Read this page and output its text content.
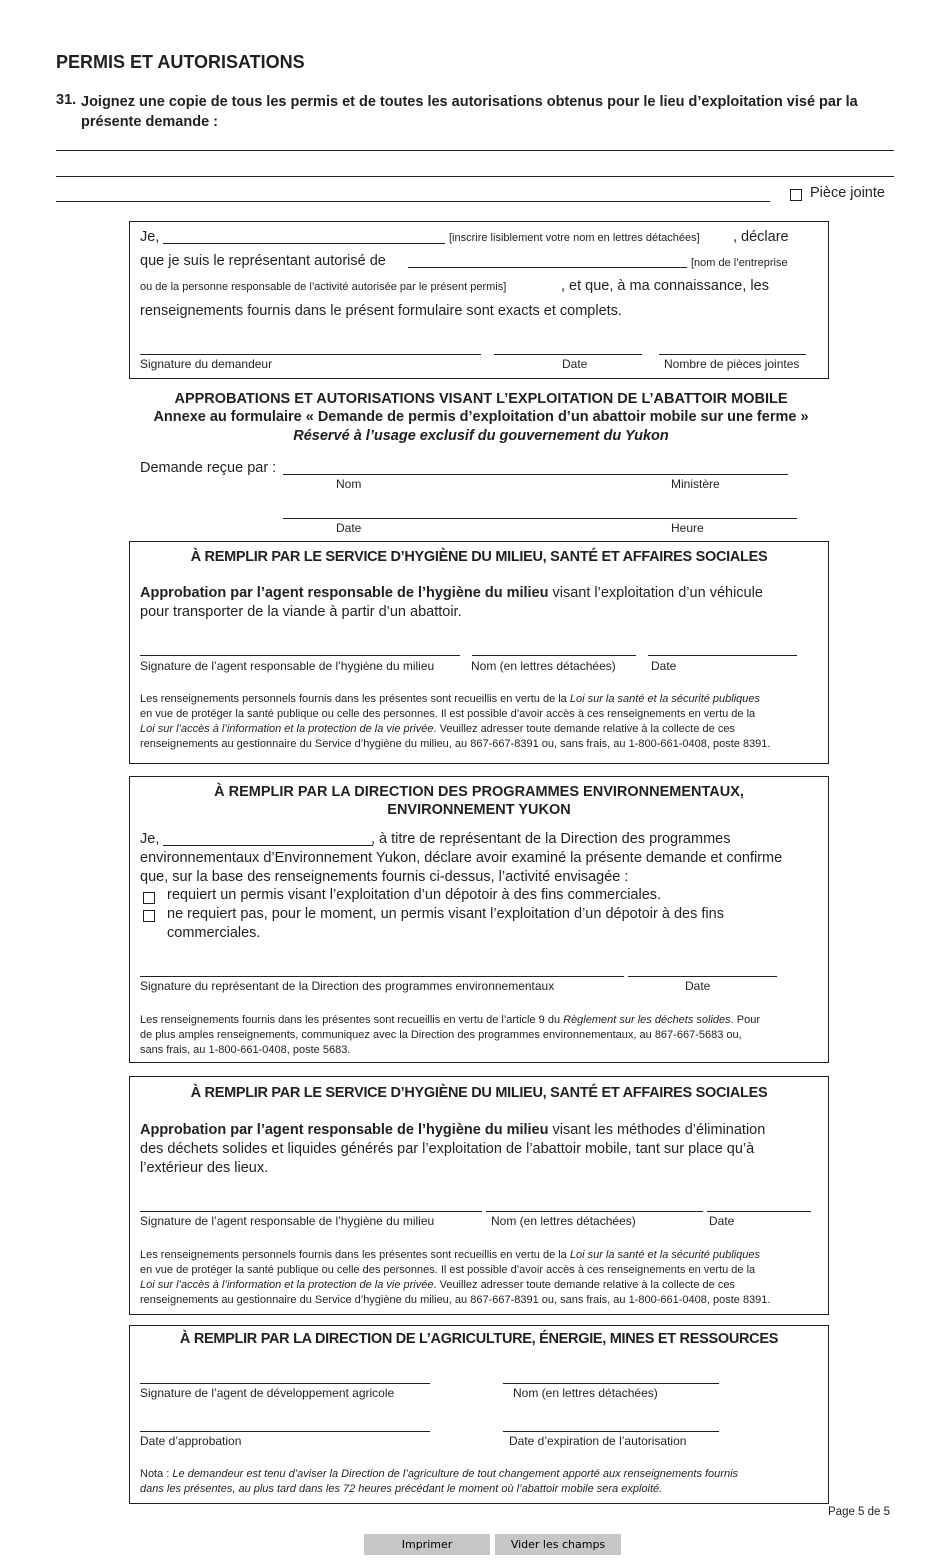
PERMIS ET AUTORISATIONS
31. Joignez une copie de tous les permis et de toutes les autorisations obtenus pour le lieu d’exploitation visé par la présente demande :
Pièce jointe
Je,	[inscrire lisiblement votre nom en lettres détachées] , déclare
que je suis le représentant autorisé de	[nom de l’entreprise
ou de la personne responsable de l’activité autorisée par le présent permis]	, et que, à ma connaissance, les
renseignements fournis dans le présent formulaire sont exacts et complets.
Signature du demandeur	Date	Nombre de pièces jointes
APPROBATIONS ET AUTORISATIONS VISANT L’EXPLOITATION DE L’ABATTOIR MOBILE
Annexe au formulaire « Demande de permis d’exploitation d’un abattoir mobile sur une ferme »
Réservé à l’usage exclusif du gouvernement du Yukon
Demande reçue par :
Nom	Ministère
Date	Heure
À REMPLIR PAR LE SERVICE D’HYGIÈNE DU MILIEU, SANTÉ ET AFFAIRES SOCIALES
Approbation par l’agent responsable de l’hygiène du milieu visant l’exploitation d’un véhicule
pour transporter de la viande à partir d’un abattoir.
Signature de l’agent responsable de l’hygiène du milieu	Nom (en lettres détachées)	Date
Les renseignements personnels fournis dans les présentes sont recueillis en vertu de la Loi sur la santé et la sécurité publiques
en vue de protéger la santé publique ou celle des personnes. Il est possible d’avoir accès à ces renseignements en vertu de la
Loi sur l’accès à l’information et la protection de la vie privée. Veuillez adresser toute demande relative à la collecte de ces
renseignements au gestionnaire du Service d’hygiène du milieu, au 867-667-8391 ou, sans frais, au 1-800-661-0408, poste 8391.
À REMPLIR PAR LA DIRECTION DES PROGRAMMES ENVIRONNEMENTAUX,
ENVIRONNEMENT YUKON
Je,	, à titre de représentant de la Direction des programmes
environnementaux d’Environnement Yukon, déclare avoir examiné la présente demande et confirme
que, sur la base des renseignements fournis ci-dessus, l’activité envisagée :
requiert un permis visant l’exploitation d’un dépotoir à des fins commerciales.
ne requiert pas, pour le moment, un permis visant l’exploitation d’un dépotoir à des fins
commerciales.
Signature du représentant de la Direction des programmes environnementaux	Date
Les renseignements fournis dans les présentes sont recueillis en vertu de l’article 9 du Règlement sur les déchets solides. Pour
de plus amples renseignements, communiquez avec la Direction des programmes environnementaux, au 867-667-5683 ou,
sans frais, au 1-800-661-0408, poste 5683.
À REMPLIR PAR LE SERVICE D’HYGIÈNE DU MILIEU, SANTÉ ET AFFAIRES SOCIALES
Approbation par l’agent responsable de l’hygiène du milieu visant les méthodes d’élimination
des déchets solides et liquides générés par l’exploitation de l’abattoir mobile, tant sur place qu’à
l’extérieur des lieux.
Signature de l’agent responsable de l’hygiène du milieu	Nom (en lettres détachées)	Date
Les renseignements personnels fournis dans les présentes sont recueillis en vertu de la Loi sur la santé et la sécurité publiques
en vue de protéger la santé publique ou celle des personnes. Il est possible d’avoir accès à ces renseignements en vertu de la
Loi sur l’accès à l’information et la protection de la vie privée. Veuillez adresser toute demande relative à la collecte de ces
renseignements au gestionnaire du Service d’hygiène du milieu, au 867-667-8391 ou, sans frais, au 1-800-661-0408, poste 8391.
À REMPLIR PAR LA DIRECTION DE L’AGRICULTURE, ÉNERGIE, MINES ET RESSOURCES
Signature de l’agent de développement agricole	Nom (en lettres détachées)
Date d’approbation	Date d’expiration de l’autorisation
Nota : Le demandeur est tenu d’aviser la Direction de l’agriculture de tout changement apporté aux renseignements fournis
dans les présentes, au plus tard dans les 72 heures précédant le moment où l’abattoir mobile sera exploité.
Page 5 de 5
Imprimer	Vider les champs
